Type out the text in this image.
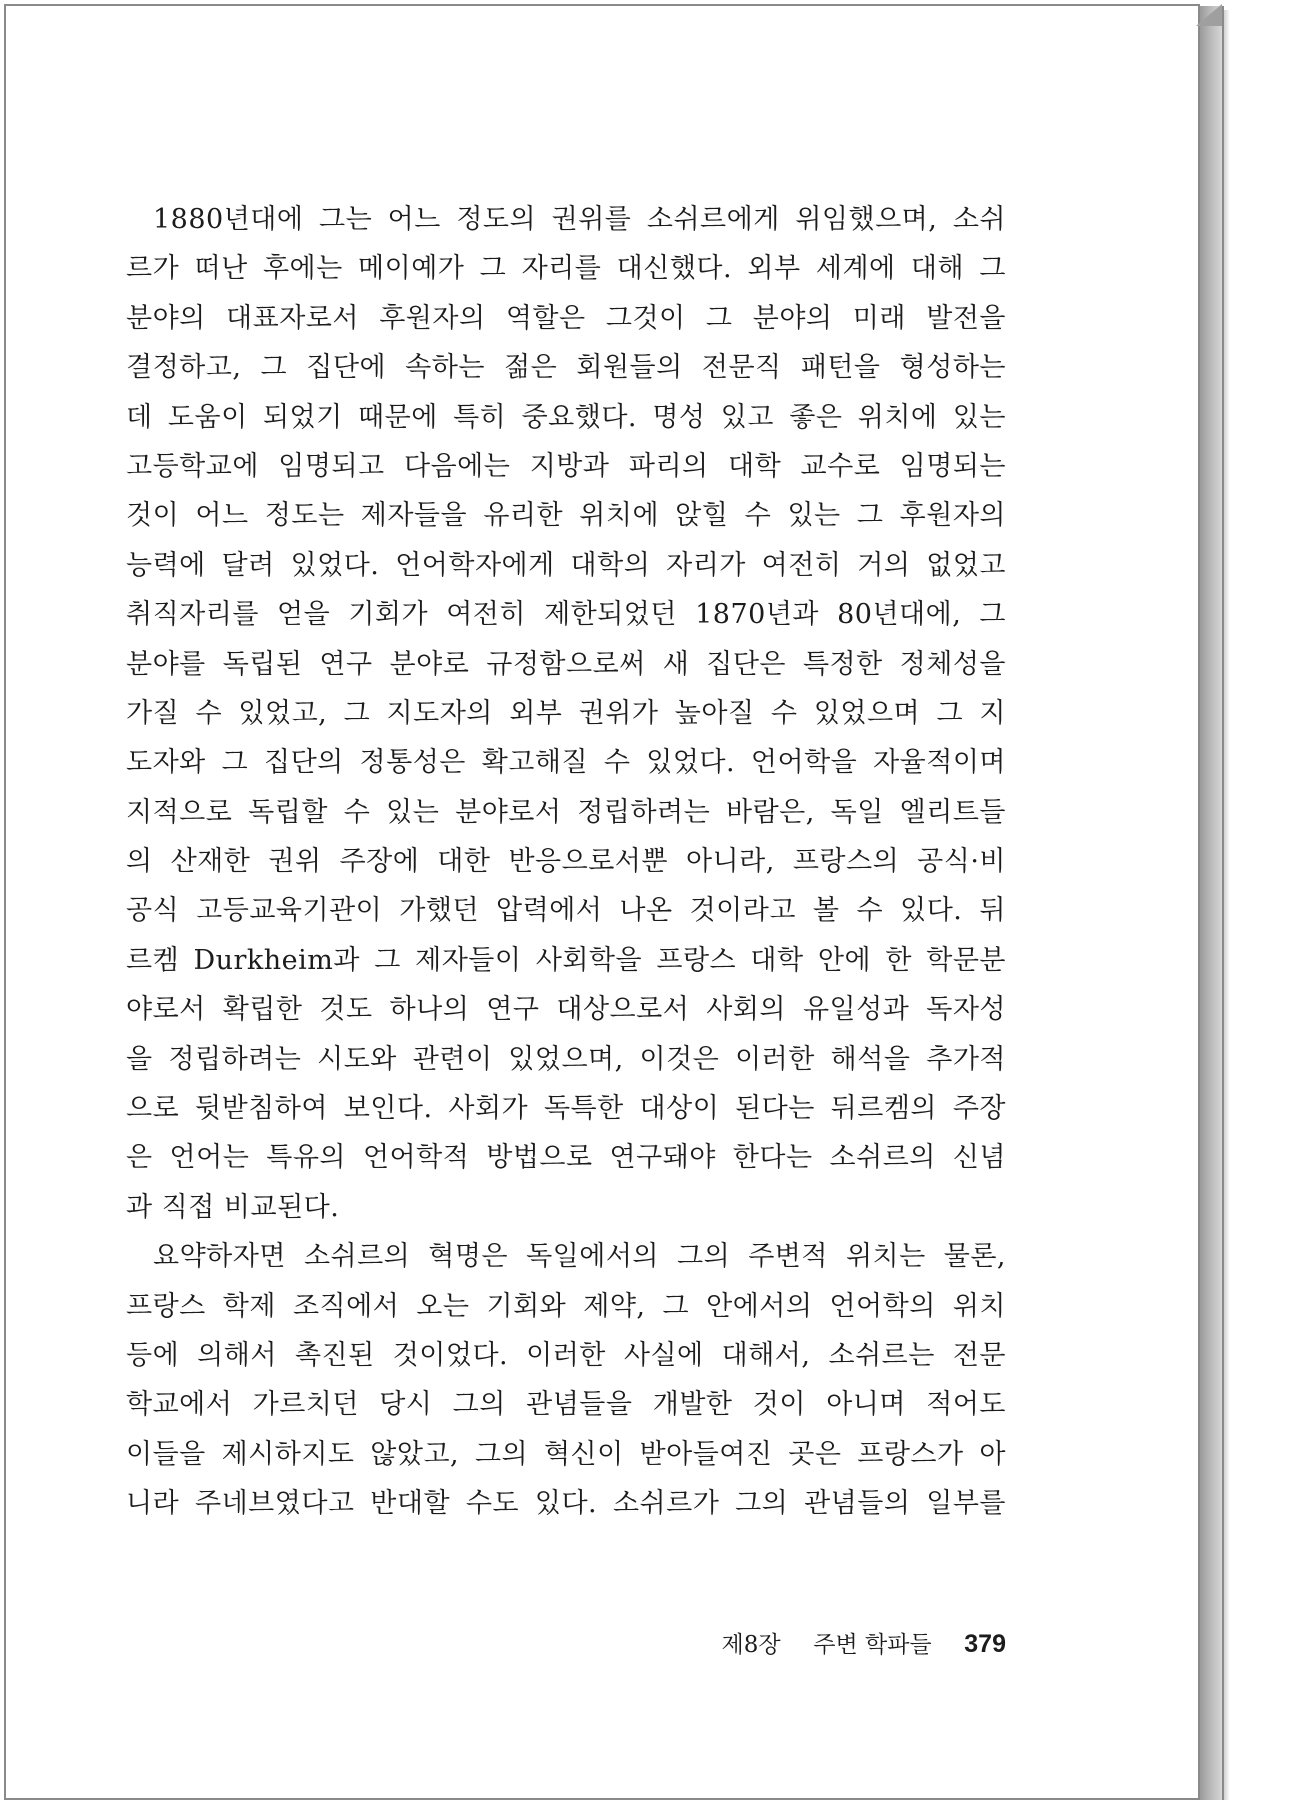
1880년대에 그는 어느 정도의 권위를 소쉬르에게 위임했으며, 소쉬
르가 떠난 후에는 메이예가 그 자리를 대신했다. 외부 세계에 대해 그
분야의 대표자로서 후원자의 역할은 그것이 그 분야의 미래 발전을
결정하고, 그 집단에 속하는 젊은 회원들의 전문직 패턴을 형성하는
데 도움이 되었기 때문에 특히 중요했다. 명성 있고 좋은 위치에 있는
고등학교에 임명되고 다음에는 지방과 파리의 대학 교수로 임명되는
것이 어느 정도는 제자들을 유리한 위치에 앉힐 수 있는 그 후원자의
능력에 달려 있었다. 언어학자에게 대학의 자리가 여전히 거의 없었고
취직자리를 얻을 기회가 여전히 제한되었던 1870년과 80년대에, 그
분야를 독립된 연구 분야로 규정함으로써 새 집단은 특정한 정체성을
가질 수 있었고, 그 지도자의 외부 권위가 높아질 수 있었으며 그 지
도자와 그 집단의 정통성은 확고해질 수 있었다. 언어학을 자율적이며
지적으로 독립할 수 있는 분야로서 정립하려는 바람은, 독일 엘리트들
의 산재한 권위 주장에 대한 반응으로서뿐 아니라, 프랑스의 공식·비
공식 고등교육기관이 가했던 압력에서 나온 것이라고 볼 수 있다. 뒤
르켐 Durkheim과 그 제자들이 사회학을 프랑스 대학 안에 한 학문분
야로서 확립한 것도 하나의 연구 대상으로서 사회의 유일성과 독자성
을 정립하려는 시도와 관련이 있었으며, 이것은 이러한 해석을 추가적
으로 뒷받침하여 보인다. 사회가 독특한 대상이 된다는 뒤르켐의 주장
은 언어는 특유의 언어학적 방법으로 연구돼야 한다는 소쉬르의 신념
과 직접 비교된다.
요약하자면 소쉬르의 혁명은 독일에서의 그의 주변적 위치는 물론,
프랑스 학제 조직에서 오는 기회와 제약, 그 안에서의 언어학의 위치
등에 의해서 촉진된 것이었다. 이러한 사실에 대해서, 소쉬르는 전문
학교에서 가르치던 당시 그의 관념들을 개발한 것이 아니며 적어도
이들을 제시하지도 않았고, 그의 혁신이 받아들여진 곳은 프랑스가 아
니라 주네브였다고 반대할 수도 있다. 소쉬르가 그의 관념들의 일부를
제8장 주변 학파들 379
